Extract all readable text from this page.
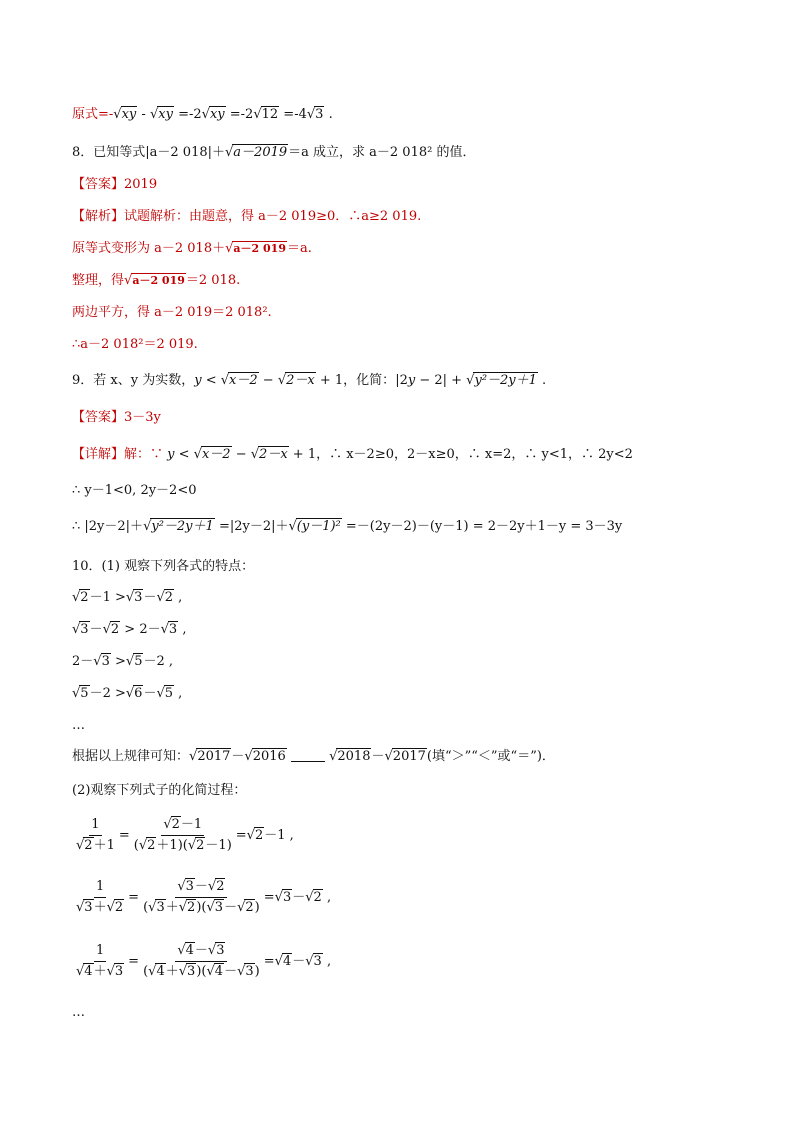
原式=-√xy - √xy =-2√xy =-2√12 =-4√3 .
8．已知等式|a－2 018|＋√a－2019＝a 成立，求 a－2 018² 的值．
【答案】2019
【解析】试题解析：由题意，得 a－2 019≥0．∴a≥2 019.
原等式变形为 a－2 018＋√a－2 019＝a.
整理，得√a－2 019＝2 018.
两边平方，得 a－2 019＝2 018².
∴a－2 018²＝2 019.
9．若 x、y 为实数，y < √x－2 − √2－x + 1，化简：|2y − 2| + √y²－2y＋1 .
【答案】3－3y
【详解】解：∵ y < √x－2 − √2－x + 1，∴ x－2≥0，2－x≥0，∴ x=2，∴ y<1，∴ 2y<2
∴ y－1<0, 2y－2<0
∴ |2y－2|＋√y²－2y＋1 =|2y－2|＋√(y－1)² =－(2y－2)－(y－1) = 2－2y＋1－y = 3－3y
10．(1) 观察下列各式的特点：
√2－1 >√3－√2 ,
√3－√2 > 2－√3 ,
2－√3 >√5－2 ,
√5－2 >√6－√5 ,
…
根据以上规律可知：√2017－√2016	√2018－√2017(填“＞”“＜”或“＝”)．
(2)观察下列式子的化简过程：
$\frac{1}{√2+1} = \frac{√2-1}{(√2+1)(√2-1)} =√2-1$ ,
$\frac{1}{√3+√2} = \frac{√3-√2}{(√3+√2)(√3-√2)} =√3-√2$ ,
$\frac{1}{√4+√3} = \frac{√4-√3}{(√4+√3)(√4-√3)} =√4-√3$ ,
…
